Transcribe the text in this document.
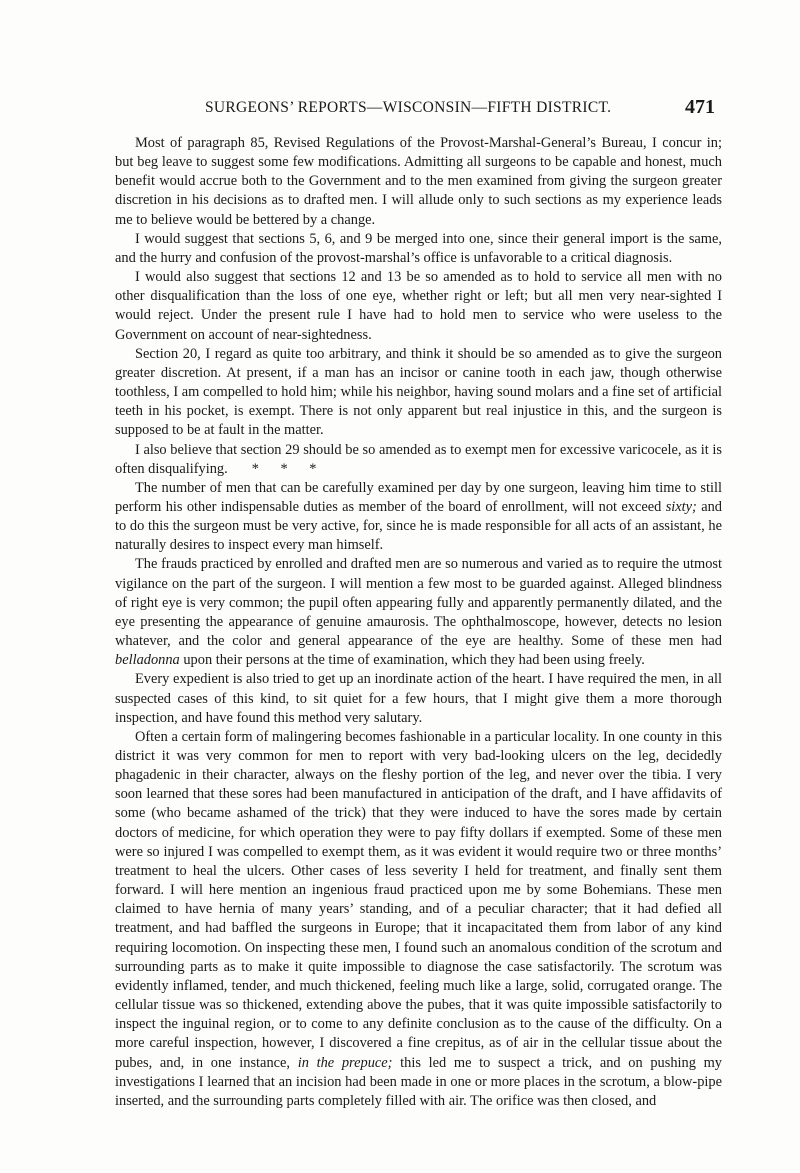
SURGEONS’ REPORTS—WISCONSIN—FIFTH DISTRICT.	471

Most of paragraph 85, Revised Regulations of the Provost-Marshal-General’s Bureau, I concur in; but beg leave to suggest some few modifications. Admitting all surgeons to be capable and honest, much benefit would accrue both to the Government and to the men examined from giving the surgeon greater discretion in his decisions as to drafted men. I will allude only to such sections as my experience leads me to believe would be bettered by a change.

I would suggest that sections 5, 6, and 9 be merged into one, since their general import is the same, and the hurry and confusion of the provost-marshal’s office is unfavorable to a critical diagnosis.

I would also suggest that sections 12 and 13 be so amended as to hold to service all men with no other disqualification than the loss of one eye, whether right or left; but all men very near-sighted I would reject. Under the present rule I have had to hold men to service who were useless to the Government on account of near-sightedness.

Section 20, I regard as quite too arbitrary, and think it should be so amended as to give the surgeon greater discretion. At present, if a man has an incisor or canine tooth in each jaw, though otherwise toothless, I am compelled to hold him; while his neighbor, having sound molars and a fine set of artificial teeth in his pocket, is exempt. There is not only apparent but real injustice in this, and the surgeon is supposed to be at fault in the matter.

I also believe that section 29 should be so amended as to exempt men for excessive varicocele, as it is often disqualifying. * * *

The number of men that can be carefully examined per day by one surgeon, leaving him time to still perform his other indispensable duties as member of the board of enrollment, will not exceed sixty; and to do this the surgeon must be very active, for, since he is made responsible for all acts of an assistant, he naturally desires to inspect every man himself.

The frauds practiced by enrolled and drafted men are so numerous and varied as to require the utmost vigilance on the part of the surgeon. I will mention a few most to be guarded against. Alleged blindness of right eye is very common; the pupil often appearing fully and apparently permanently dilated, and the eye presenting the appearance of genuine amaurosis. The ophthalmoscope, however, detects no lesion whatever, and the color and general appearance of the eye are healthy. Some of these men had belladonna upon their persons at the time of examination, which they had been using freely.

Every expedient is also tried to get up an inordinate action of the heart. I have required the men, in all suspected cases of this kind, to sit quiet for a few hours, that I might give them a more thorough inspection, and have found this method very salutary.

Often a certain form of malingering becomes fashionable in a particular locality. In one county in this district it was very common for men to report with very bad-looking ulcers on the leg, decidedly phagadenic in their character, always on the fleshy portion of the leg, and never over the tibia. I very soon learned that these sores had been manufactured in anticipation of the draft, and I have affidavits of some (who became ashamed of the trick) that they were induced to have the sores made by certain doctors of medicine, for which operation they were to pay fifty dollars if exempted. Some of these men were so injured I was compelled to exempt them, as it was evident it would require two or three months’ treatment to heal the ulcers. Other cases of less severity I held for treatment, and finally sent them forward. I will here mention an ingenious fraud practiced upon me by some Bohemians. These men claimed to have hernia of many years’ standing, and of a peculiar character; that it had defied all treatment, and had baffled the surgeons in Europe; that it incapacitated them from labor of any kind requiring locomotion. On inspecting these men, I found such an anomalous condition of the scrotum and surrounding parts as to make it quite impossible to diagnose the case satisfactorily. The scrotum was evidently inflamed, tender, and much thickened, feeling much like a large, solid, corrugated orange. The cellular tissue was so thickened, extending above the pubes, that it was quite impossible satisfactorily to inspect the inguinal region, or to come to any definite conclusion as to the cause of the difficulty. On a more careful inspection, however, I discovered a fine crepitus, as of air in the cellular tissue about the pubes, and, in one instance, in the prepuce; this led me to suspect a trick, and on pushing my investigations I learned that an incision had been made in one or more places in the scrotum, a blow-pipe inserted, and the surrounding parts completely filled with air. The orifice was then closed, and
